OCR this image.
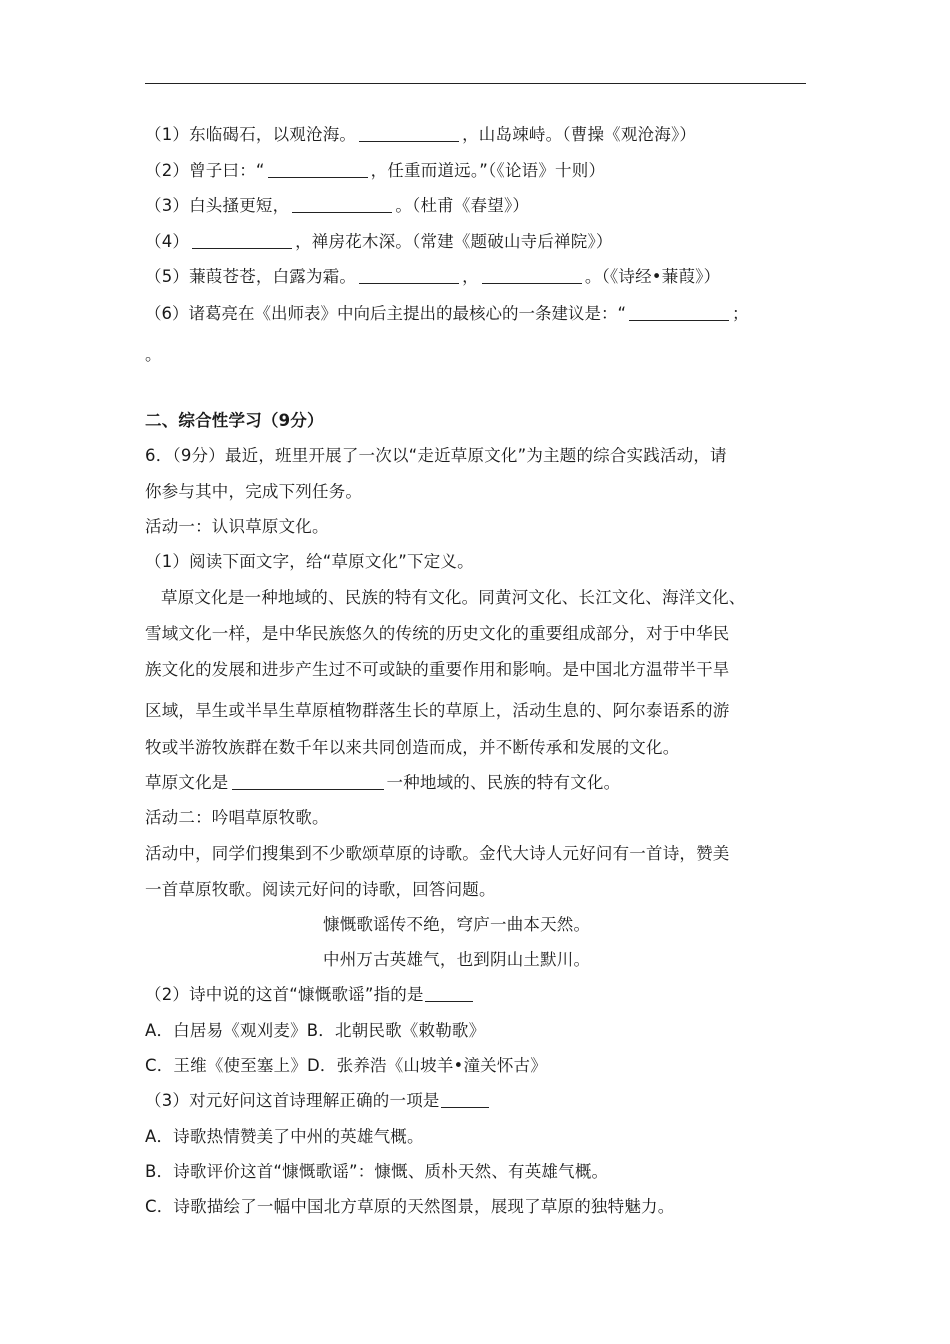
（1）东临碣石，以观沧海。	，山岛竦峙。（曹操《观沧海》）
（2）曾子曰：“	，任重而道远。”（《论语》十则）
（3）白头搔更短，	。（杜甫《春望》）
（4）	，禅房花木深。（常建《题破山寺后禅院》）
（5）蒹葭苍苍，白露为霜。	，	。（《诗经•蒹葭》）
（6）诸葛亮在《出师表》中向后主提出的最核心的一条建议是：“	；
。
二、综合性学习（9分）
6．（9分）最近，班里开展了一次以“走近草原文化”为主题的综合实践活动，请
你参与其中，完成下列任务。
活动一：认识草原文化。
（1）阅读下面文字，给“草原文化”下定义。
草原文化是一种地域的、民族的特有文化。同黄河文化、长江文化、海洋文化、
雪域文化一样，是中华民族悠久的传统的历史文化的重要组成部分，对于中华民
族文化的发展和进步产生过不可或缺的重要作用和影响。是中国北方温带半干旱
区域，旱生或半旱生草原植物群落生长的草原上，活动生息的、阿尔泰语系的游
牧或半游牧族群在数千年以来共同创造而成，并不断传承和发展的文化。
草原文化是	一种地域的、民族的特有文化。
活动二：吟唱草原牧歌。
活动中，同学们搜集到不少歌颂草原的诗歌。金代大诗人元好问有一首诗，赞美
一首草原牧歌。阅读元好问的诗歌，回答问题。
慷慨歌谣传不绝，穹庐一曲本天然。
中州万古英雄气，也到阴山土默川。
（2）诗中说的这首“慷慨歌谣”指的是
A．白居易《观刈麦》B．北朝民歌《敕勒歌》
C．王维《使至塞上》D．张养浩《山坡羊•潼关怀古》
（3）对元好问这首诗理解正确的一项是
A．诗歌热情赞美了中州的英雄气概。
B．诗歌评价这首“慷慨歌谣”：慷慨、质朴天然、有英雄气概。
C．诗歌描绘了一幅中国北方草原的天然图景，展现了草原的独特魅力。
